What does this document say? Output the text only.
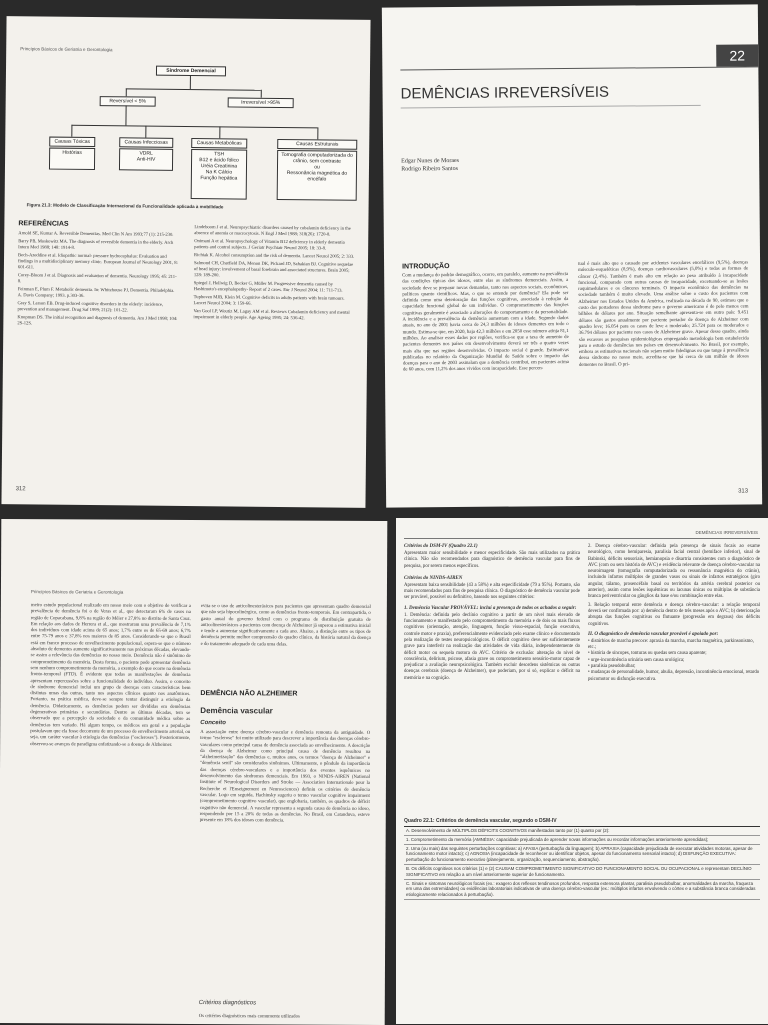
Princípios Básicos de Geriatria e Gerontologia
Síndrome Demencial
Reversível < 5%	Irreversível >95%
Causas Tóxicas
Histórias
Causas Infecciosas
VDRL
Anti-HIV
Causas Metabólicas
TSH
B12 e ácido fólico
Uréia Creatinina
Na K Cálcio
Função hepática
Causas Estruturais
Tomografia computadorizada do crânio, sem contraste
ou
Ressonância magnética do encéfalo
Figura 21.3: Modelo de Classificação Internacional da Funcionalidade aplicada à mobilidade
REFERÊNCIAS
Arnold SE, Kumar A. Reversible Dementias. Med Clin N Am 1993;77 (1): 215-230.
Barry PB, Moskowitz MA. The diagnosis of reversible dementia in the elderly. Arch Intern Med 1988; 148: 1914-8.
Bech-Azeddine et al. Idiopathic normal- pressure hydrocephalus: Evaluation and findings in a multidisciplinary memory clinic. European Journal of Neurology 2001, 8: 601-611.
Corey-Bloom J et al. Diagnosis and evaluation of dementia. Neurology 1995; 45: 211-8.
Feinman E, Plum F. Metabolic dementia. In: Whitehouse PJ, Dementia. Philadelphia. A. Davis Company; 1993. p.303-36.
Gray S, Larson EB. Drug-induced cognitive disorders in the elderly: incidence, prevention and management. Drug Saf 1999; 21(2): 101-22.
Knopman DS. The initial recognition and diagnosis of dementia. Am J Med 1998; 104: 2S-12S.
Lindeboom J et al. Neuropsychiatric disorders caused by cobalamin deficiency in the absence of anemia or macrocytosis. N Engl J Med 1988; 318(26): 1720-8.
Onimani A et al. Neuropsychology of Vitamin B12 deficiency in elderly dementia patients and control subjects. J Geriatr Psychiatr Neurol 2005; 18: 33-8.
Richiak K. Alcohol consumption and the risk of dementia. Lancet Neurol 2005; 2: 333.
Salmond CH, Chatfield DA, Menon DK, Pickard JD, Sahakian BJ. Cognitive sequelae of head injury: involvement of basal forebrain and associated structures. Brain 2005; 128: 189-200.
Spiegel J, Hellwig D, Becker G, Müller M. Progressive dementia caused by Hashimoto's encephalopathy- Report of 2 cases. Eur J Neurol 2004; 11: 711-713.
Tuphoven MJB, Klein M. Cognitive deficits in adults patients with brain tumours. Lancet Neurol 2004; 3: 159-66.
Van Gool LP, Woutiz M, Lagay AM et al. Reviews Cobalamin deficiency and mental impairment in elderly people. Age Ageing 1995; 24: 536-42.
312
22
DEMÊNCIAS IRREVERSÍVEIS
Edgar Nunes de Moraes
Rodrigo Ribeiro Santos
INTRODUÇÃO
Com a mudança do padrão demográfico, ocorre, em paralelo, aumento na prevalência das condições típicas dos idosos, entre elas as síndromes demenciais. Assim, a sociedade deve se preparar novas demandas, tanto nos aspectos sociais, econômicos, políticos quanto científicos. Mas, o que se entende por demência? Ela pode ser definida como uma deterioração das funções cognitivas, associada à redução da capacidade funcional global de um indivíduo. O comprometimento das funções cognitivas geralmente é associado a alterações do comportamento e da personalidade. A incidência e a prevalência da demência aumentam com a idade. Segundo dados atuais, no ano de 2001 havia cerca de 24,3 milhões de idosos dementes em todo o mundo. Estima-se que, em 2020, haja 42,3 milhões e em 2050 esse número atinja 81,1 milhões. Ao analisar esses dados por regiões, verifica-se que a taxa de aumento de pacientes dementes nos países em desenvolvimento deverá ser três a quatro vezes mais alta que nas regiões desenvolvidas. O impacto social é grande. Estimativas publicadas no relatório da Organização Mundial de Saúde sobre o impacto das doenças para o ano de 2003 assinalam que a demência contribui, em pacientes acima de 60 anos, com 11,2% dos anos vividos com incapacidade. Esse percen-
tual é mais alto que o causado por acidentes vasculares encefálicos (9,5%), doenças músculo-esqueléticas (8,9%), doenças cardiovasculares (5,0%) e todas as formas de câncer (2,4%). Também é mais alto em relação ao peso atribuído à incapacidade funcional, comparado com outras causas de incapacidade, excetuando-se as lesões raquimedulares e os cânceres terminais. O impacto econômico das demências na sociedade também é muito elevado. Uma análise sobre o custo dos pacientes com Alzheimer nos Estados Unidos da América, realizada na década de 90, estimou que o custo dos portadores dessa síndrome para o governo americano é de pelo menos cem bilhões de dólares por ano. Situação semelhante apresenta-se em outro país: 9.451 dólares são gastos anualmente por paciente portador de doença de Alzheimer com quadro leve; 16.054 para os casos de leve a moderado; 25.724 para os moderados e 36.794 dólares por paciente nos casos de Alzheimer grave. Apesar desse quadro, ainda são escassos as pesquisas epidemiológicas empregando metodologia bem estabelecida para o estudo de demências nos países em desenvolvimento. No Brasil, por exemplo, embora as estimativas nacionais não sejam muito fidedignas ou que tange à prevalência dessa síndrome no nosso meio, acredita-se que há cerca de um milhão de idosos dementes no Brasil. O pri-
313
Princípios Básicos de Geriatria e Gerontologia
meiro estudo populacional realizado em nosso meio com o objetivo de verificar a prevalência de demência foi o de Veras et al., que detectaram 6% de casos na região de Copacabana, 9,8% na região do Méier e 27,8% no distrito de Santa Cruz. Em relação aos dados de Herrera et al., que mostraram uma prevalência de 7,1% dos indivíduos com idade acima de 65 anos; 1,7% entre os de 65-69 anos; 6,7% entre 75-79 anos e 37,8% nos maiores de 85 anos. Considerando-se que o Brasil está em franco processo de envelhecimento populacional, espera-se que o número absoluto de dementes aumente significativamente nas próximas décadas, elevando-se assim a relevância das demências no nosso meio. Demência não é sinônimo de comprometimento da memória. Desta forma, o paciente pode apresentar demência sem nenhum comprometimento da memória, a exemplo do que ocorre na demência fronto-temporal (FTD). É evidente que todas as manifestações de demência apresentam repercussões sobre a funcionalidade do indivíduo. Assim, o conceito de síndrome demencial inclui um grupo de doenças com características bem distintas umas das outras, tanto nos aspectos clínicos quanto nos anatômicos. Portanto, na prática médica, deve-se sempre tentar distinguir a etiologia da demência. Didaticamente, as demências podem ser divididas em demências degenerativas primárias e secundárias. Dentre as últimas décadas, tem se observado que a percepção da sociedade e da comunidade médica sobre as demências tem variado. Há algum tempo, os médicos em geral e a população postulavam que ela fosse decorrente de um processo de envelhecimento arterial, ou seja, um caráter vascular à etiologia das demências ("escleroses"). Posteriormente, observou-se avanços de paradigma enfatizando-se a doença de Alzheimer.
evita-se o uso de anticolinesterásicos para pacientes que apresentam quadro demencial que não seja hipocolinérgico, como as demências fronto-temporais. Em contrapartida, o gasto anual do governo federal com o programa de distribuição gratuita de anticolinesterásicos a pacientes com doença de Alzheimer já superou a estimativa inicial e tende a aumentar significativamente a cada ano. Abaixo, a distinção entre os tipos de demência permite melhor compreensão do quadro clínico, da história natural da doença e do tratamento adequado de cada uma delas.
DEMÊNCIA NÃO ALZHEIMER
Demência vascular
Conceito
A associação entre doença cérebro-vascular e demência remonta da antiguidade. O termo "esclerose" foi muito utilizado para descrever a importância das doenças cérebro-vasculares como principal causa de demência associada ao envelhecimento. A descrição da doença de Alzheimer como principal causa de demência resultou na "alzheimerização" das demências e, muitos anos, os termos "doença de Alzheimer" e "demência senil" são considerados sinônimos. Ultimamente, o pêndulo da importância das doenças cérebro-vasculares e a importância dos eventos isquêmicos no desenvolvimento das síndromes demenciais. Em 1993, o NINDS-AIREN (National Institute of Neurological Disorders and Stroke — Association Internationale pour la Recherche et l'Enseignement en Neurosciences) definiu os critérios de demência vascular. Logo em seguida, Hachinsky sugeriu o termo vascular cognitive impairment (comprometimento cognitivo vascular), que englobaria, também, os quadros de déficit cognitivo não demencial. A vascular representa a segunda causa de demência no idoso, respondendo por 15 a 20% de todas as demências. No Brasil, em Catanduva, esteve presente em 18% dos idosos com demência.
Critérios diagnósticos
Os critérios diagnósticos mais comumente utilizados
DEMÊNCIAS IRREVERSÍVEIS
Critérios do DSM-IV (Quadro 22.1)
Apresentam maior sensibilidade e menor especificidade. São mais utilizados na prática clínica. Não são recomendados para diagnóstico de demência vascular para fins de pesquisa, por serem menos específicos.
Critérios do NINDS-AIREN
Apresentam baixa sensibilidade (43 a 58%) e alta especificidade (79 a 95%). Portanto, são mais recomendados para fins de pesquisa clínica. O diagnóstico de demência vascular pode ser provável, possível ou definitivo, baseado nos seguintes critérios:
1. Demência Vascular PROVÁVEL: incluí a presença de todos os achados a seguir:
1. Demência: definida pelo declínio cognitivo a partir de um nível mais elevado de funcionamento e manifestado pelo comprometimento da memória e de dois ou mais fluxos cognitivos (orientação, atenção, linguagem, função visuo-espacial, função executiva, controle motor e praxia), preferencialmente evidenciado pelo exame clínico e documentado pela realização de testes neuropsicológicos. O déficit cognitivo deve ser suficientemente grave para interferir na realização das atividades de vida diária, independentemente do déficit motor ou sequela motora do AVC. Critério de exclusão: alteração do nível de consciência, delirium, psicose, afasia grave ou comprometimento sensório-motor capaz de prejudicar a avaliação neuropsicológica. Também excluir desordens sistêmicas ou outras doenças cerebrais (doença de Alzheimer), que poderiam, por si só, explicar o déficit na memória e na cognição.
2. Doença cérebro-vascular: definida pela presença de sinais focais ao exame neurológico, como hemiparesia, paralisia facial central (hemiface inferior), sinal de Babinski, déficits sensoriais, hemianopsia e disartria consistentes com o diagnóstico de AVC (com ou sem história de AVC) e evidência relevante de doença cérebro-vascular na neuroimagem (tomografia computadorizada ou ressonância magnética do crânio), incluindo infartos múltiplos de grandes vasos ou sinais de infartos estratégicos (giro angular, tálamo, prosencéfalo basal ou territórios da artéria cerebral posterior ou anterior), assim como lesões isquêmicas ou lacunas únicas ou múltiplas de substância branca periventricular ou gânglios da base e/ou combinação entre elas.
3. Relação temporal entre demência e doença cérebro-vascular: a relação temporal deverá ser confirmada por: a) demência dentro de três meses após o AVC; b) deterioração abrupta das funções cognitivas ou flutuante (progressão em degraus) dos déficits cognitivos.
II. O diagnóstico de demência vascular provável é apoiado por:
• distúrbios de marcha precoce: apraxia da marcha, marcha magnética, parkinsonismo, etc.;
• história de síncopes, tonturas ou quedas sem causa aparente;
• urge-incontinência urinária sem causa urológica;
• paralisia pseudobulbar;
• mudanças de personalidade, humor, abulia, depressão, incontinência emocional, retardo psicomotor ou disfunção executiva.
Quadro 22.1: Critérios de demência vascular, segundo o DSM-IV
A. Desenvolvimento de MÚLTIPLOS DÉFICITS COGNITIVOS manifestados tanto por (1) quanto por (2):
1. Comprometimento da memória (AMNÉSIA: capacidade prejudicada de aprender novas informações ou recordar informações anteriormente aprendidas);
2. Uma (ou mais) das seguintes perturbações cognitivas: a) AFASIA (perturbação da linguagem); b) APRAXIA (capacidade prejudicada de executar atividades motoras, apesar de funcionamento motor intacto); c) AGNOSIA (incapacidade de reconhecer ou identificar objetos, apesar do funcionamento sensorial intacto); d) DISFUNÇÃO EXECUTIVA: perturbação do funcionamento executivo (planejamento, organização, sequenciamento, abstração).
B. Os déficits cognitivos nos critérios (1) e (2) CAUSAM COMPROMETIMENTO SIGNIFICATIVO DO FUNCIONAMENTO SOCIAL OU OCUPACIONAL e representam DECLÍNIO SIGNIFICATIVO em relação a um nível anteriormente superior de funcionamento.
C. Sinais e sintomas neurológicos focais (ex.: exagero dos reflexos tendinosos profundos, resposta extensora plantar, paralisia pseudobulbar, anormalidades da marcha, fraqueza em uma das extremidades) ou evidências laboratoriais indicativas de uma doença cérebro-vascular (ex.: múltiplos infartos envolvendo o córtex e a substância branca consideradas etiologicamente relacionados à perturbação).
